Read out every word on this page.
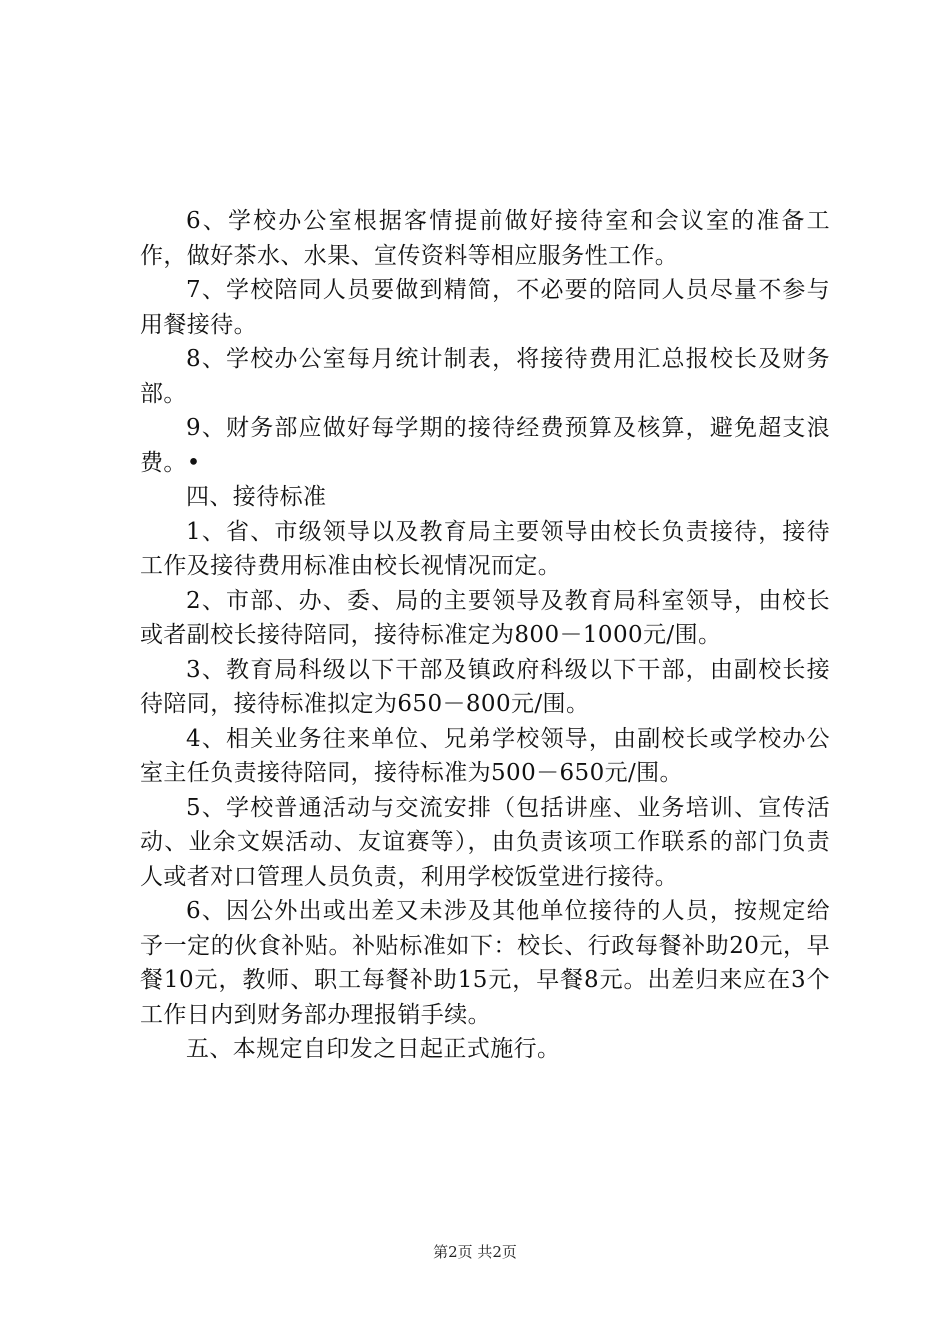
6、学校办公室根据客情提前做好接待室和会议室的准备工作，做好茶水、水果、宣传资料等相应服务性工作。

7、学校陪同人员要做到精简，不必要的陪同人员尽量不参与用餐接待。

8、学校办公室每月统计制表，将接待费用汇总报校长及财务部。

9、财务部应做好每学期的接待经费预算及核算，避免超支浪费。•

四、接待标准

1、省、市级领导以及教育局主要领导由校长负责接待，接待工作及接待费用标准由校长视情况而定。

2、市部、办、委、局的主要领导及教育局科室领导，由校长或者副校长接待陪同，接待标准定为800－1000元/围。

3、教育局科级以下干部及镇政府科级以下干部，由副校长接待陪同，接待标准拟定为650－800元/围。

4、相关业务往来单位、兄弟学校领导，由副校长或学校办公室主任负责接待陪同，接待标准为500－650元/围。

5、学校普通活动与交流安排（包括讲座、业务培训、宣传活动、业余文娱活动、友谊赛等），由负责该项工作联系的部门负责人或者对口管理人员负责，利用学校饭堂进行接待。

6、因公外出或出差又未涉及其他单位接待的人员，按规定给予一定的伙食补贴。补贴标准如下：校长、行政每餐补助20元，早餐10元，教师、职工每餐补助15元，早餐8元。出差归来应在3个工作日内到财务部办理报销手续。

五、本规定自印发之日起正式施行。

第2页 共2页
